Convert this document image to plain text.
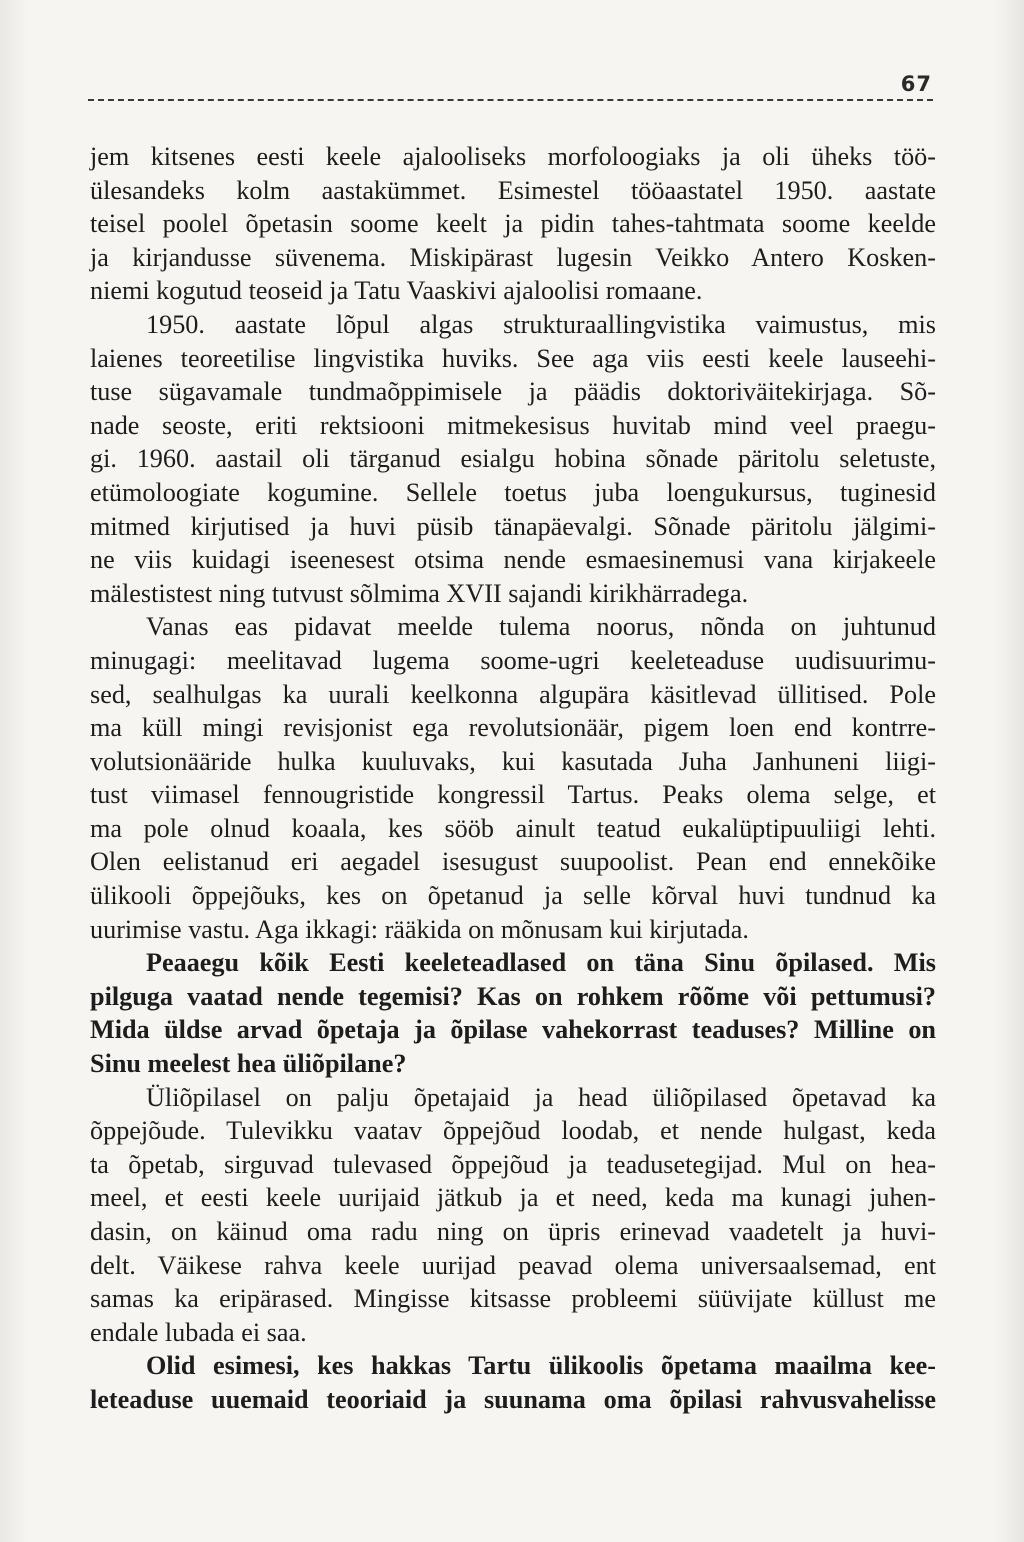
67
jem kitsenes eesti keele ajalooliseks morfoloogiaks ja oli üheks töö-
ülesandeks kolm aastakümmet. Esimestel tööaastatel 1950. aastate
teisel poolel õpetasin soome keelt ja pidin tahes-tahtmata soome keelde
ja kirjandusse süvenema. Miskipärast lugesin Veikko Antero Kosken-
niemi kogutud teoseid ja Tatu Vaaskivi ajaloolisi romaane.
1950. aastate lõpul algas strukturaallingvistika vaimustus, mis
laienes teoreetilise lingvistika huviks. See aga viis eesti keele lauseehi-
tuse sügavamale tundmaõppimisele ja päädis doktoriväitekirjaga. Sõ-
nade seoste, eriti rektsiooni mitmekesisus huvitab mind veel praegu-
gi. 1960. aastail oli tärganud esialgu hobina sõnade päritolu seletuste,
etümoloogiate kogumine. Sellele toetus juba loengukursus, tuginesid
mitmed kirjutised ja huvi püsib tänapäevalgi. Sõnade päritolu jälgimi-
ne viis kuidagi iseenesest otsima nende esmaesinemusi vana kirjakeele
mälestistest ning tutvust sõlmima XVII sajandi kirikhärradega.
Vanas eas pidavat meelde tulema noorus, nõnda on juhtunud
minugagi: meelitavad lugema soome-ugri keeleteaduse uudisuurimu-
sed, sealhulgas ka uurali keelkonna algupära käsitlevad üllitised. Pole
ma küll mingi revisjonist ega revolutsionäär, pigem loen end kontrre-
volutsionääride hulka kuuluvaks, kui kasutada Juha Janhuneni liigi-
tust viimasel fennougristide kongressil Tartus. Peaks olema selge, et
ma pole olnud koaala, kes sööb ainult teatud eukalüptipuuliigi lehti.
Olen eelistanud eri aegadel isesugust suupoolist. Pean end ennekõike
ülikooli õppejõuks, kes on õpetanud ja selle kõrval huvi tundnud ka
uurimise vastu. Aga ikkagi: rääkida on mõnusam kui kirjutada.
Peaaegu kõik Eesti keeleteadlased on täna Sinu õpilased. Mis
pilguga vaatad nende tegemisi? Kas on rohkem rõõme või pettumusi?
Mida üldse arvad õpetaja ja õpilase vahekorrast teaduses? Milline on
Sinu meelest hea üliõpilane?
Üliõpilasel on palju õpetajaid ja head üliõpilased õpetavad ka
õppejõude. Tulevikku vaatav õppejõud loodab, et nende hulgast, keda
ta õpetab, sirguvad tulevased õppejõud ja teadusetegijad. Mul on hea-
meel, et eesti keele uurijaid jätkub ja et need, keda ma kunagi juhen-
dasin, on käinud oma radu ning on üpris erinevad vaadetelt ja huvi-
delt. Väikese rahva keele uurijad peavad olema universaalsemad, ent
samas ka eripärased. Mingisse kitsasse probleemi süüvijate küllust me
endale lubada ei saa.
Olid esimesi, kes hakkas Tartu ülikoolis õpetama maailma kee-
leteaduse uuemaid teooriaid ja suunama oma õpilasi rahvusvahelisse
